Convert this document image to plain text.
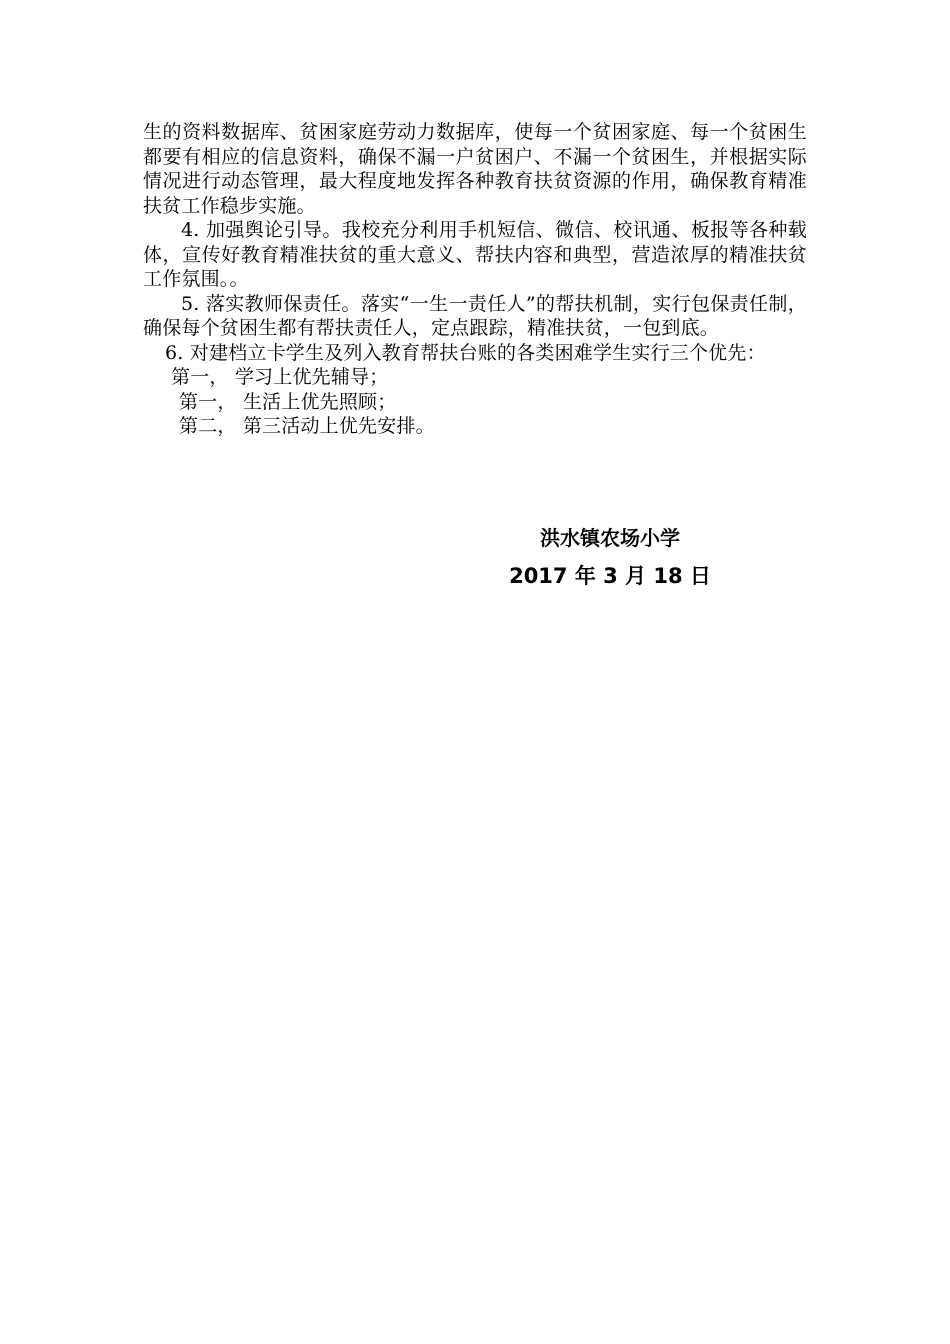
生的资料数据库、贫困家庭劳动力数据库，使每一个贫困家庭、每一个贫困生都要有相应的信息资料，确保不漏一户贫困户、不漏一个贫困生，并根据实际情况进行动态管理，最大程度地发挥各种教育扶贫资源的作用，确保教育精准扶贫工作稳步实施。

4. 加强舆论引导。我校充分利用手机短信、微信、校讯通、板报等各种载体，宣传好教育精准扶贫的重大意义、帮扶内容和典型，营造浓厚的精准扶贫工作氛围。。

5. 落实教师保责任。落实“一生一责任人”的帮扶机制，实行包保责任制，确保每个贫困生都有帮扶责任人，定点跟踪，精准扶贫，一包到底。

6. 对建档立卡学生及列入教育帮扶台账的各类困难学生实行三个优先：

第一， 学习上优先辅导；

第一， 生活上优先照顾；

第二， 第三活动上优先安排。

洪水镇农场小学
2017 年 3 月 18 日
